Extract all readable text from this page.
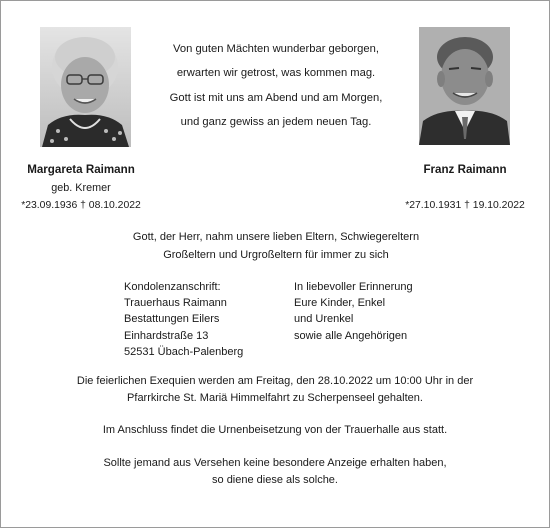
Von guten Mächten wunderbar geborgen,
erwarten wir getrost, was kommen mag.
Gott ist mit uns am Abend und am Morgen,
und ganz gewiss an jedem neuen Tag.
Margareta Raimann
geb. Kremer
*23.09.1936 † 08.10.2022
Franz Raimann
*27.10.1931 † 19.10.2022
Gott, der Herr, nahm unsere lieben Eltern, Schwiegereltern
Großeltern und Urgroßeltern für immer zu sich
Kondolenzanschrift:
Trauerhaus Raimann
Bestattungen Eilers
Einhardstraße 13
52531 Übach-Palenberg
In liebevoller Erinnerung
Eure Kinder, Enkel
und Urenkel
sowie alle Angehörigen
Die feierlichen Exequien werden am Freitag, den 28.10.2022 um 10:00 Uhr in der
Pfarrkirche St. Mariä Himmelfahrt zu Scherpenseel gehalten.
Im Anschluss findet die Urnenbeisetzung von der Trauerhalle aus statt.
Sollte jemand aus Versehen keine besondere Anzeige erhalten haben,
so diene diese als solche.
